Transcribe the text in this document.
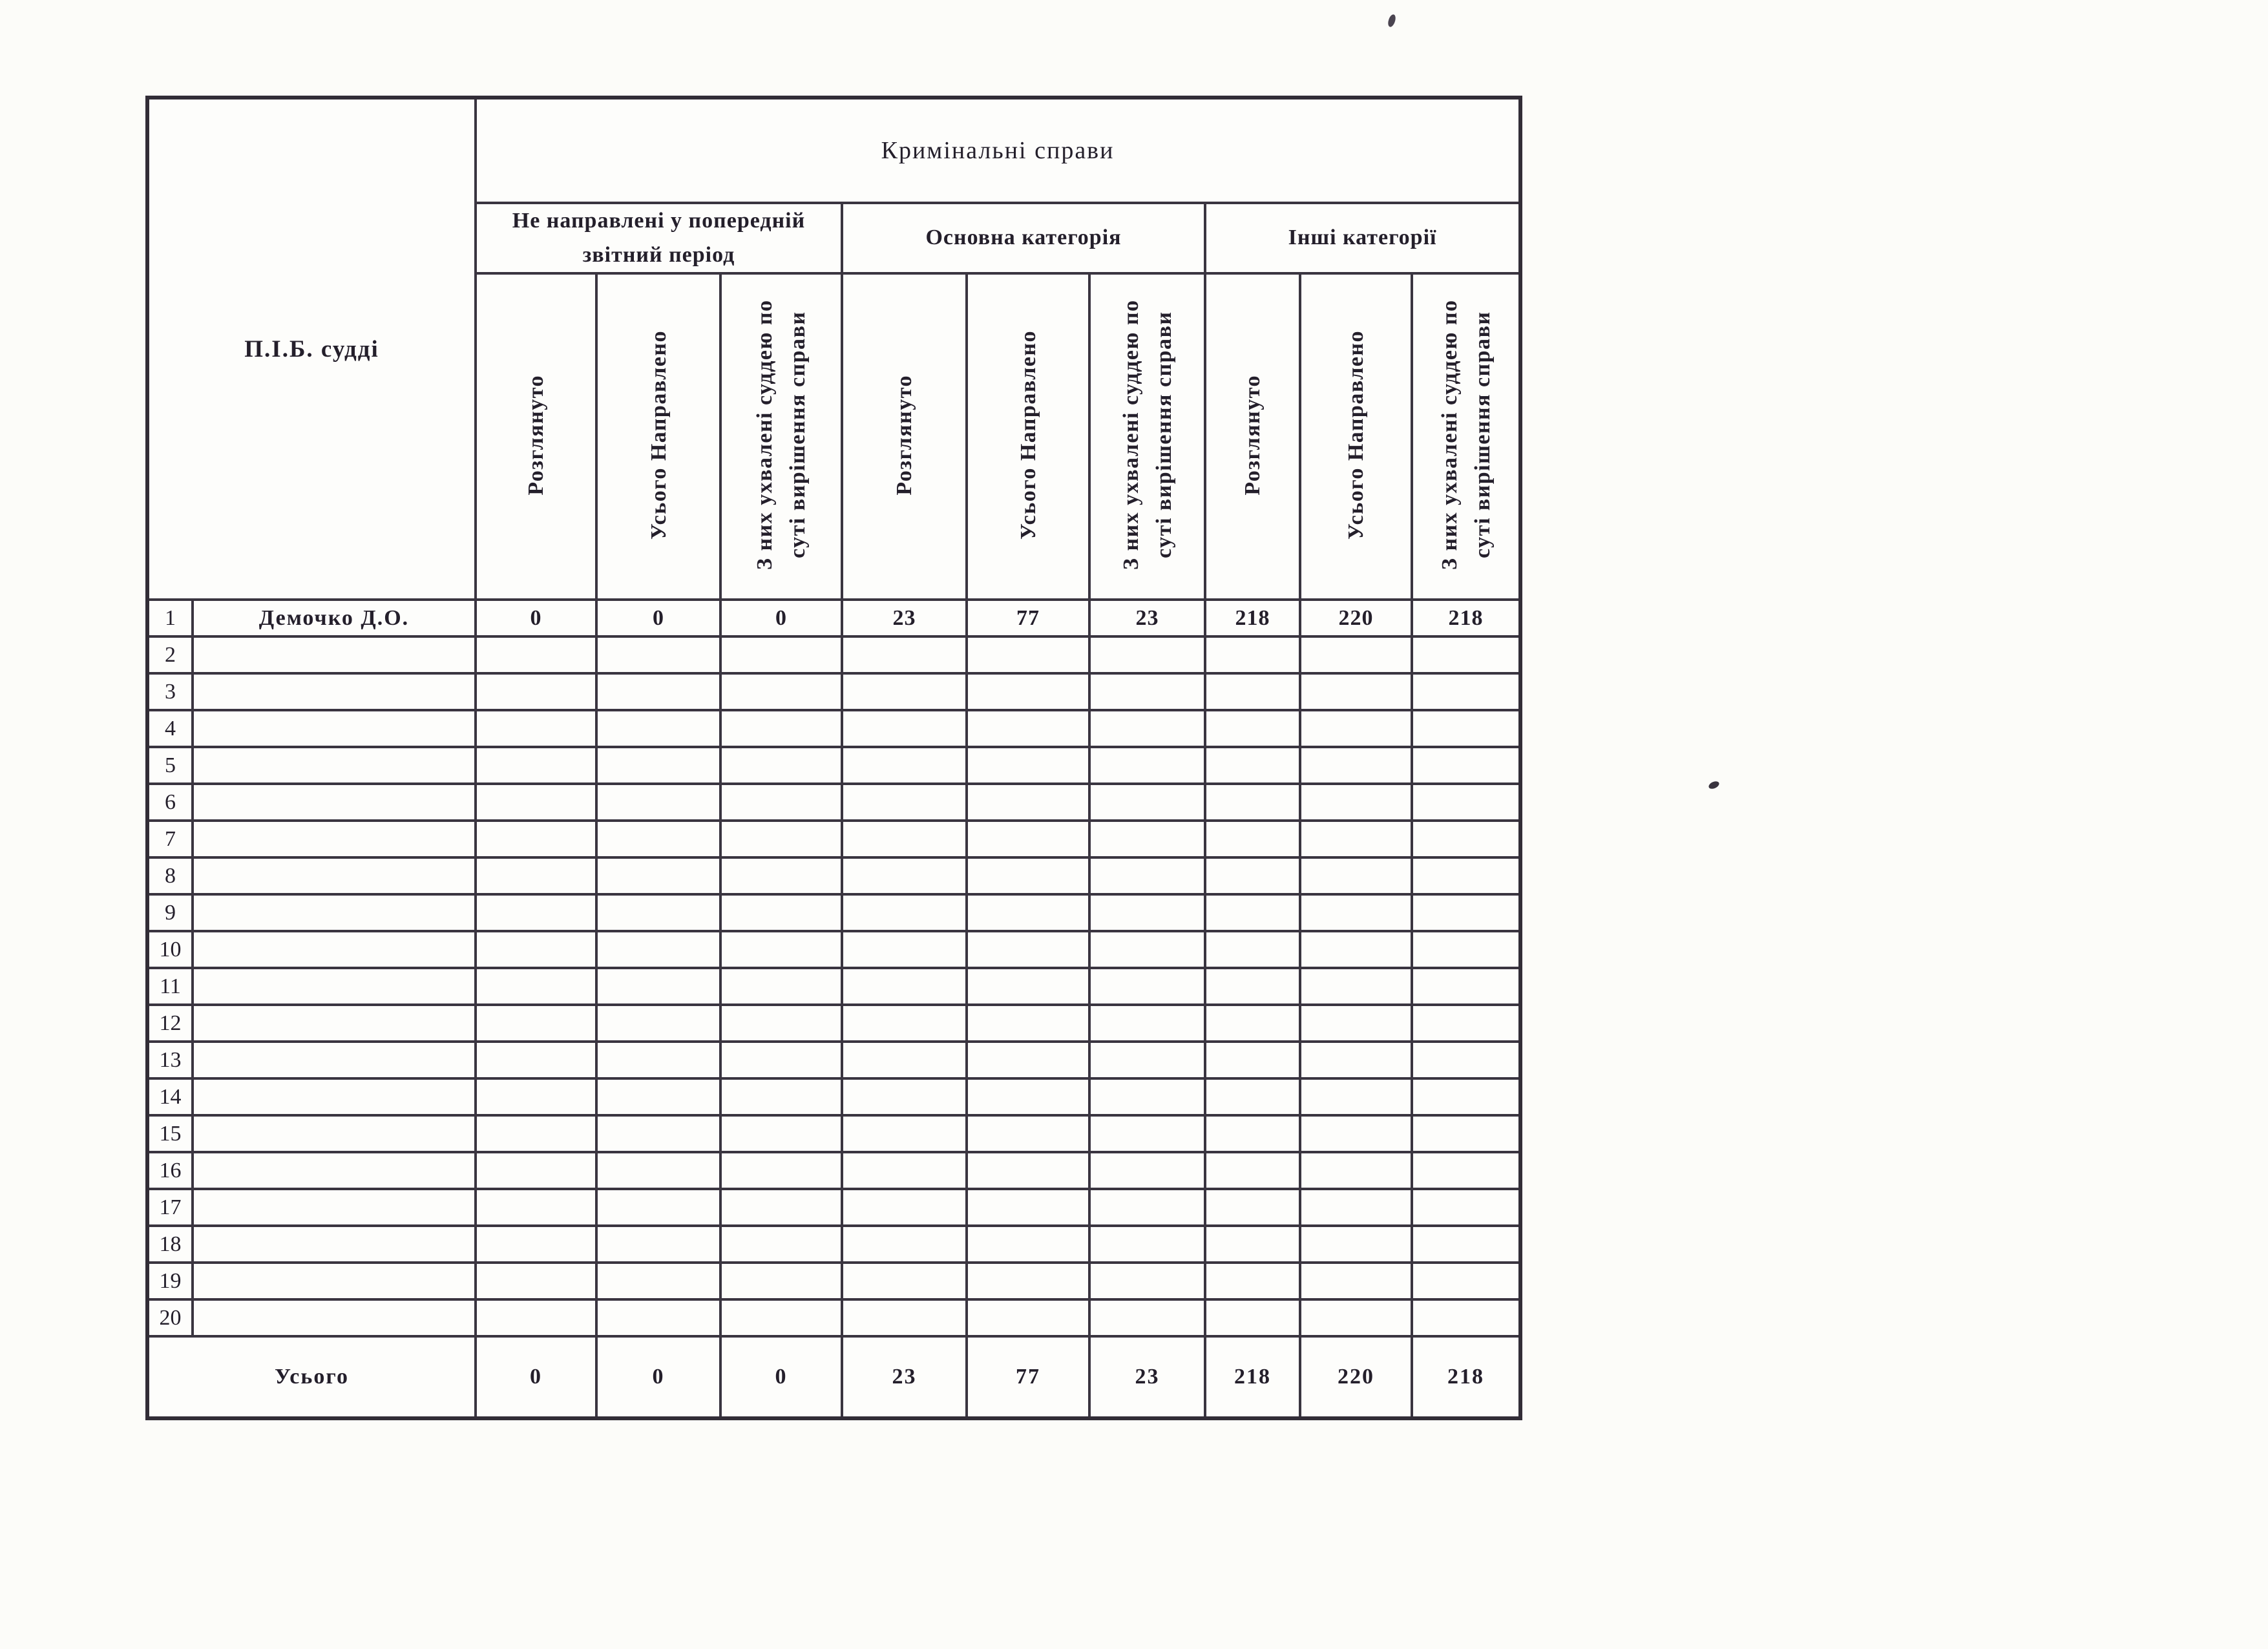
П.І.Б. судді		Кримінальні справи								
		Не направлені у попередній звітний період			Основна категорія			Інші категорії		
		Розглянуто	Усього Направлено	З них ухвалені суддею по суті вирішення справи	Розглянуто	Усього Направлено	З них ухвалені суддею по суті вирішення справи	Розглянуто	Усього Направлено	З них ухвалені суддею по суті вирішення справи
1	Демочко Д.О.	0	0	0	23	77	23	218	220	218
2										
3										
4										
5										
6										
7										
8										
9										
10										
11										
12										
13										
14										
15										
16										
17										
18										
19										
20										
Усього		0	0	0	23	77	23	218	220	218
